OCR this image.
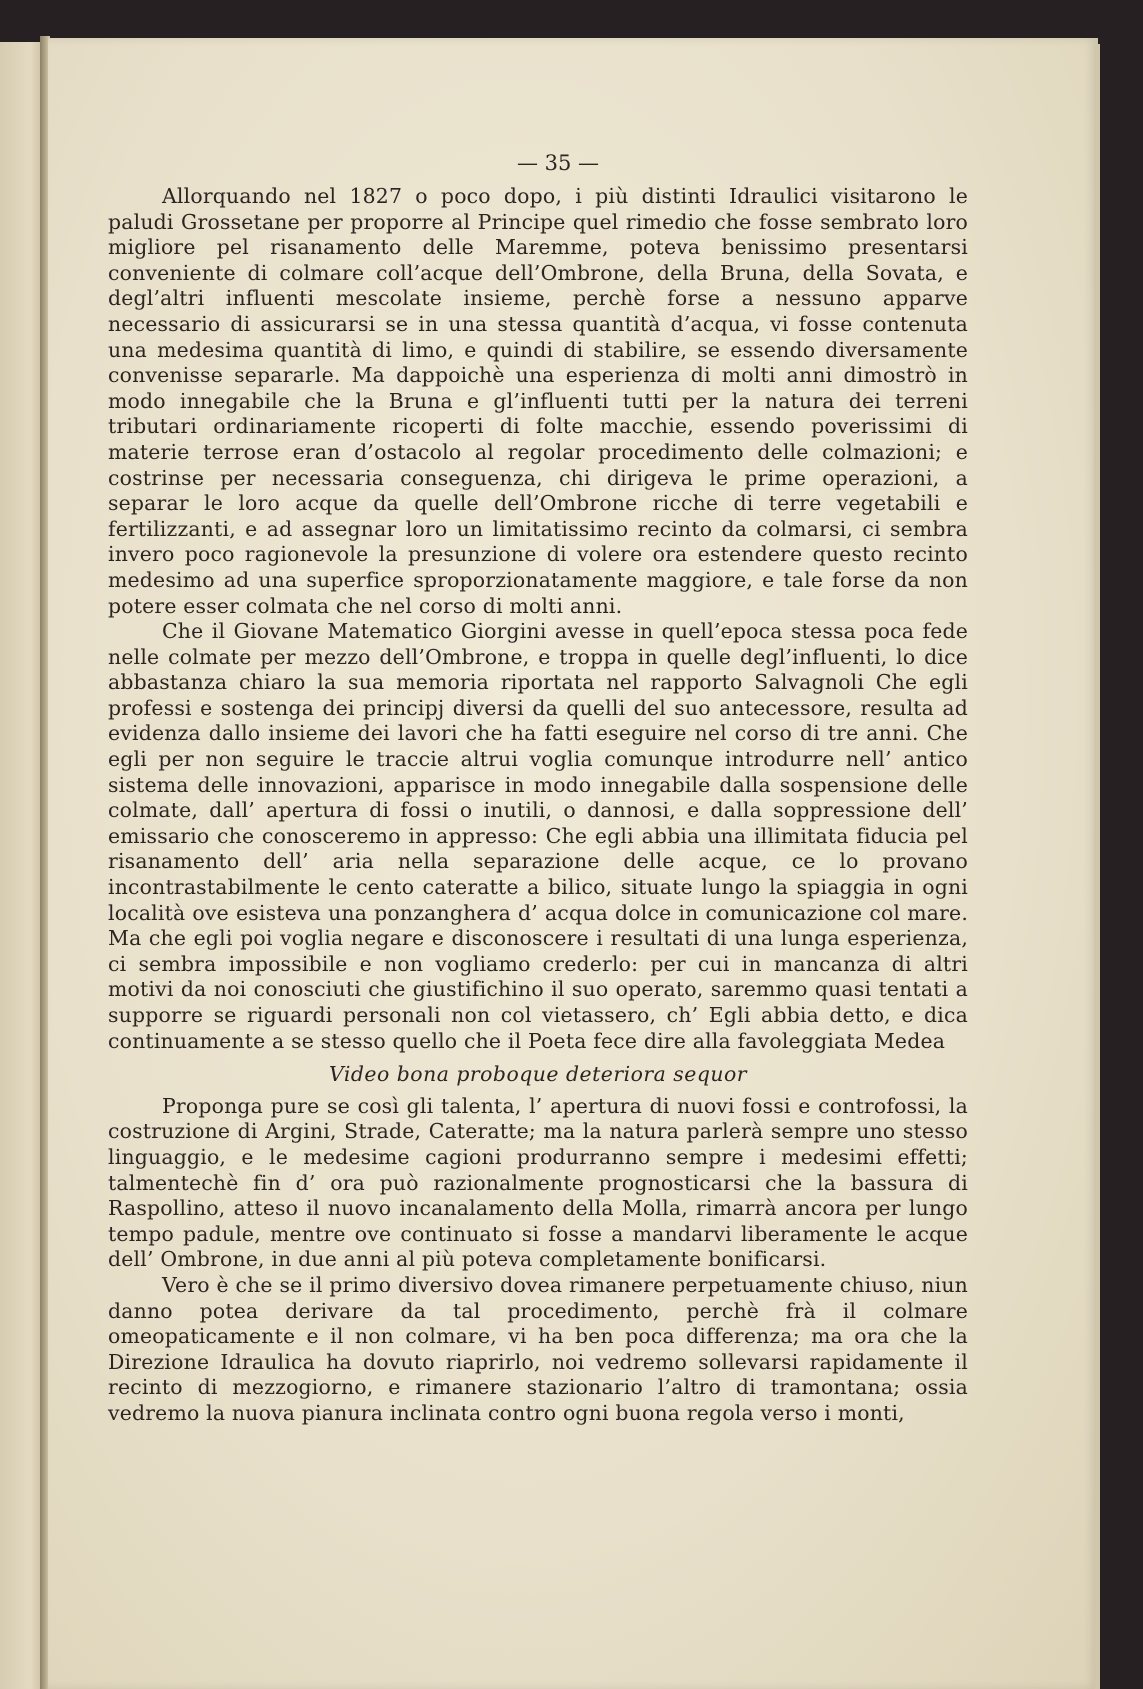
— 35 —

Allorquando nel 1827 o poco dopo, i più distinti Idraulici visitarono le paludi Grossetane per proporre al Principe quel rimedio che fosse sembrato loro migliore pel risanamento delle Maremme, poteva benissimo presentarsi conveniente di colmare coll’acque dell’Ombrone, della Bruna, della Sovata, e degl’altri influenti mescolate insieme, perchè forse a nessuno apparve necessario di assicurarsi se in una stessa quantità d’acqua, vi fosse contenuta una medesima quantità di limo, e quindi di stabilire, se essendo diversamente convenisse separarle. Ma dappoichè una esperienza di molti anni dimostrò in modo innegabile che la Bruna e gl’influenti tutti per la natura dei terreni tributari ordinariamente ricoperti di folte macchie, essendo poverissimi di materie terrose eran d’ostacolo al regolar procedimento delle colmazioni; e costrinse per necessaria conseguenza, chi dirigeva le prime operazioni, a separar le loro acque da quelle dell’Ombrone ricche di terre vegetabili e fertilizzanti, e ad assegnar loro un limitatissimo recinto da colmarsi, ci sembra invero poco ragionevole la presunzione di volere ora estendere questo recinto medesimo ad una superfice sproporzionatamente maggiore, e tale forse da non potere esser colmata che nel corso di molti anni.

Che il Giovane Matematico Giorgini avesse in quell’epoca stessa poca fede nelle colmate per mezzo dell’Ombrone, e troppa in quelle degl’influenti, lo dice abbastanza chiaro la sua memoria riportata nel rapporto Salvagnoli Che egli professi e sostenga dei principj diversi da quelli del suo antecessore, resulta ad evidenza dallo insieme dei lavori che ha fatti eseguire nel corso di tre anni. Che egli per non seguire le traccie altrui voglia comunque introdurre nell’ antico sistema delle innovazioni, apparisce in modo innegabile dalla sospensione delle colmate, dall’ apertura di fossi o inutili, o dannosi, e dalla soppressione dell’ emissario che conosceremo in appresso: Che egli abbia una illimitata fiducia pel risanamento dell’ aria nella separazione delle acque, ce lo provano incontrastabilmente le cento cateratte a bilico, situate lungo la spiaggia in ogni località ove esisteva una ponzanghera d’ acqua dolce in comunicazione col mare. Ma che egli poi voglia negare e disconoscere i resultati di una lunga esperienza, ci sembra impossibile e non vogliamo crederlo: per cui in mancanza di altri motivi da noi conosciuti che giustifichino il suo operato, saremmo quasi tentati a supporre se riguardi personali non col vietassero, ch’ Egli abbia detto, e dica continuamente a se stesso quello che il Poeta fece dire alla favoleggiata Medea

Video bona proboque deteriora sequor

Proponga pure se così gli talenta, l’ apertura di nuovi fossi e controfossi, la costruzione di Argini, Strade, Cateratte; ma la natura parlerà sempre uno stesso linguaggio, e le medesime cagioni produrranno sempre i medesimi effetti; talmentechè fin d’ ora può razionalmente prognosticarsi che la bassura di Raspollino, atteso il nuovo incanalamento della Molla, rimarrà ancora per lungo tempo padule, mentre ove continuato si fosse a mandarvi liberamente le acque dell’ Ombrone, in due anni al più poteva completamente bonificarsi.

Vero è che se il primo diversivo dovea rimanere perpetuamente chiuso, niun danno potea derivare da tal procedimento, perchè frà il colmare omeopaticamente e il non colmare, vi ha ben poca differenza; ma ora che la Direzione Idraulica ha dovuto riaprirlo, noi vedremo sollevarsi rapidamente il recinto di mezzogiorno, e rimanere stazionario l’altro di tramontana; ossia vedremo la nuova pianura inclinata contro ogni buona regola verso i monti,
